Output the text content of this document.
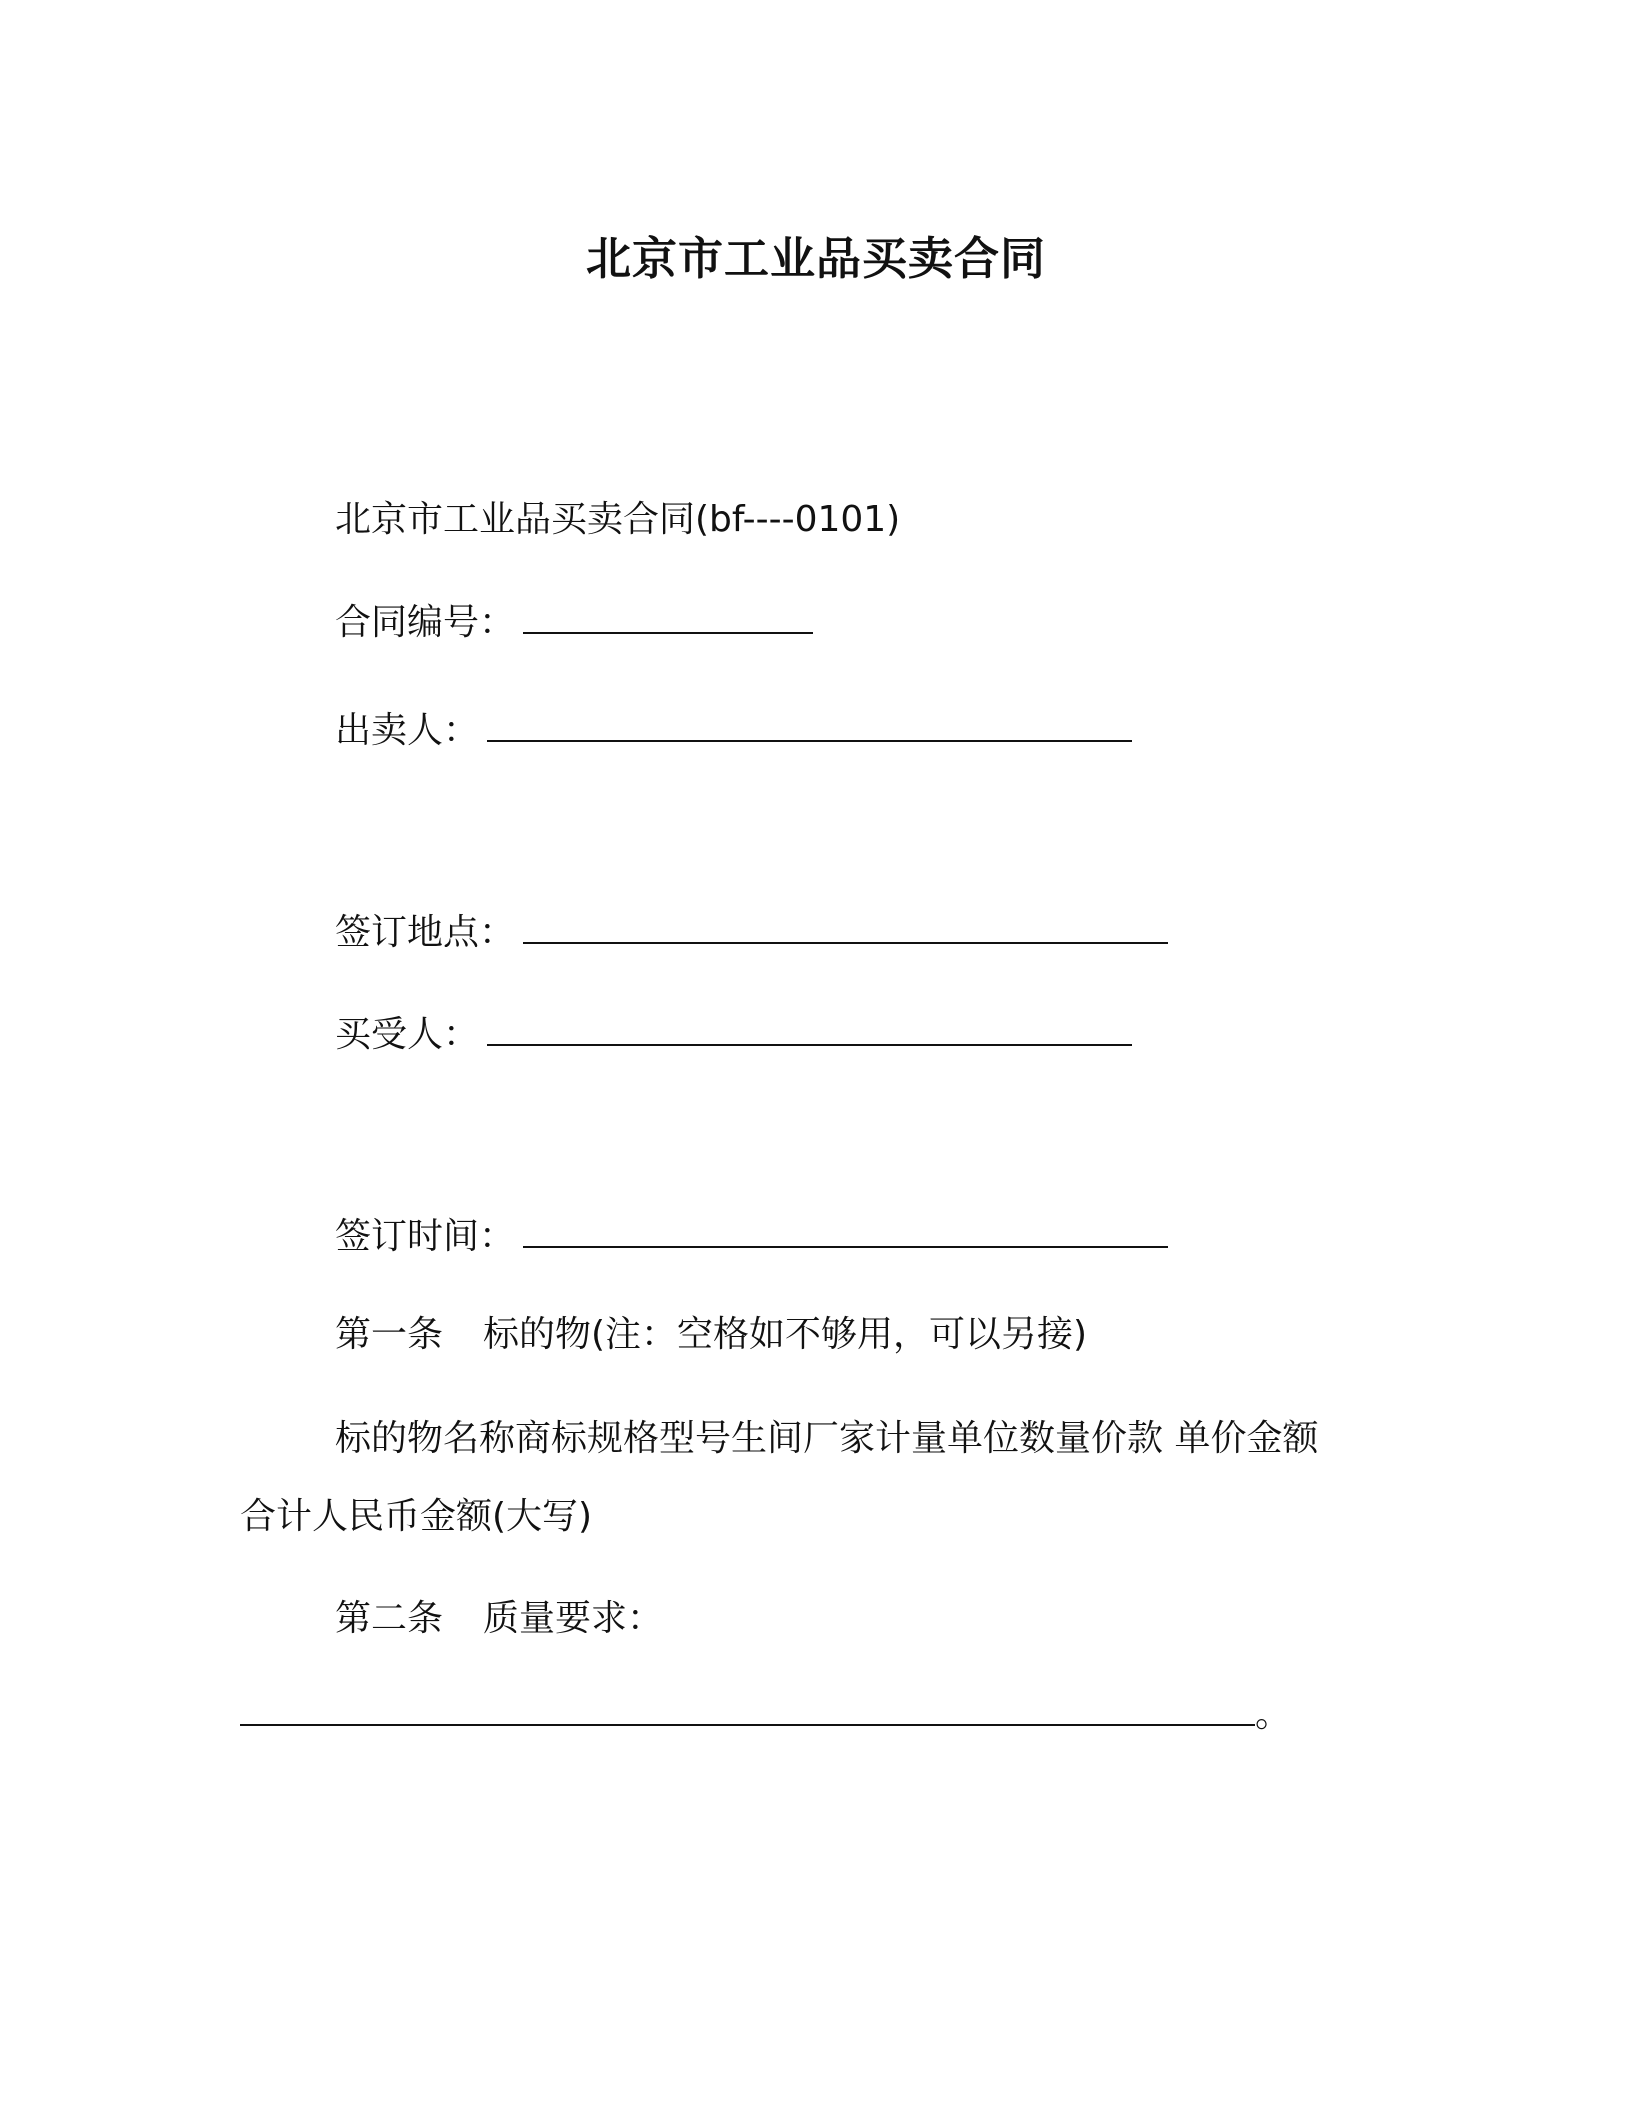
北京市工业品买卖合同
北京市工业品买卖合同(bf----0101)
合同编号：
出卖人：
签订地点：
买受人：
签订时间：
第一条 标的物(注：空格如不够用，可以另接)
标的物名称商标规格型号生间厂家计量单位数量价款 单价金额
合计人民币金额(大写)
第二条 质量要求：
。
